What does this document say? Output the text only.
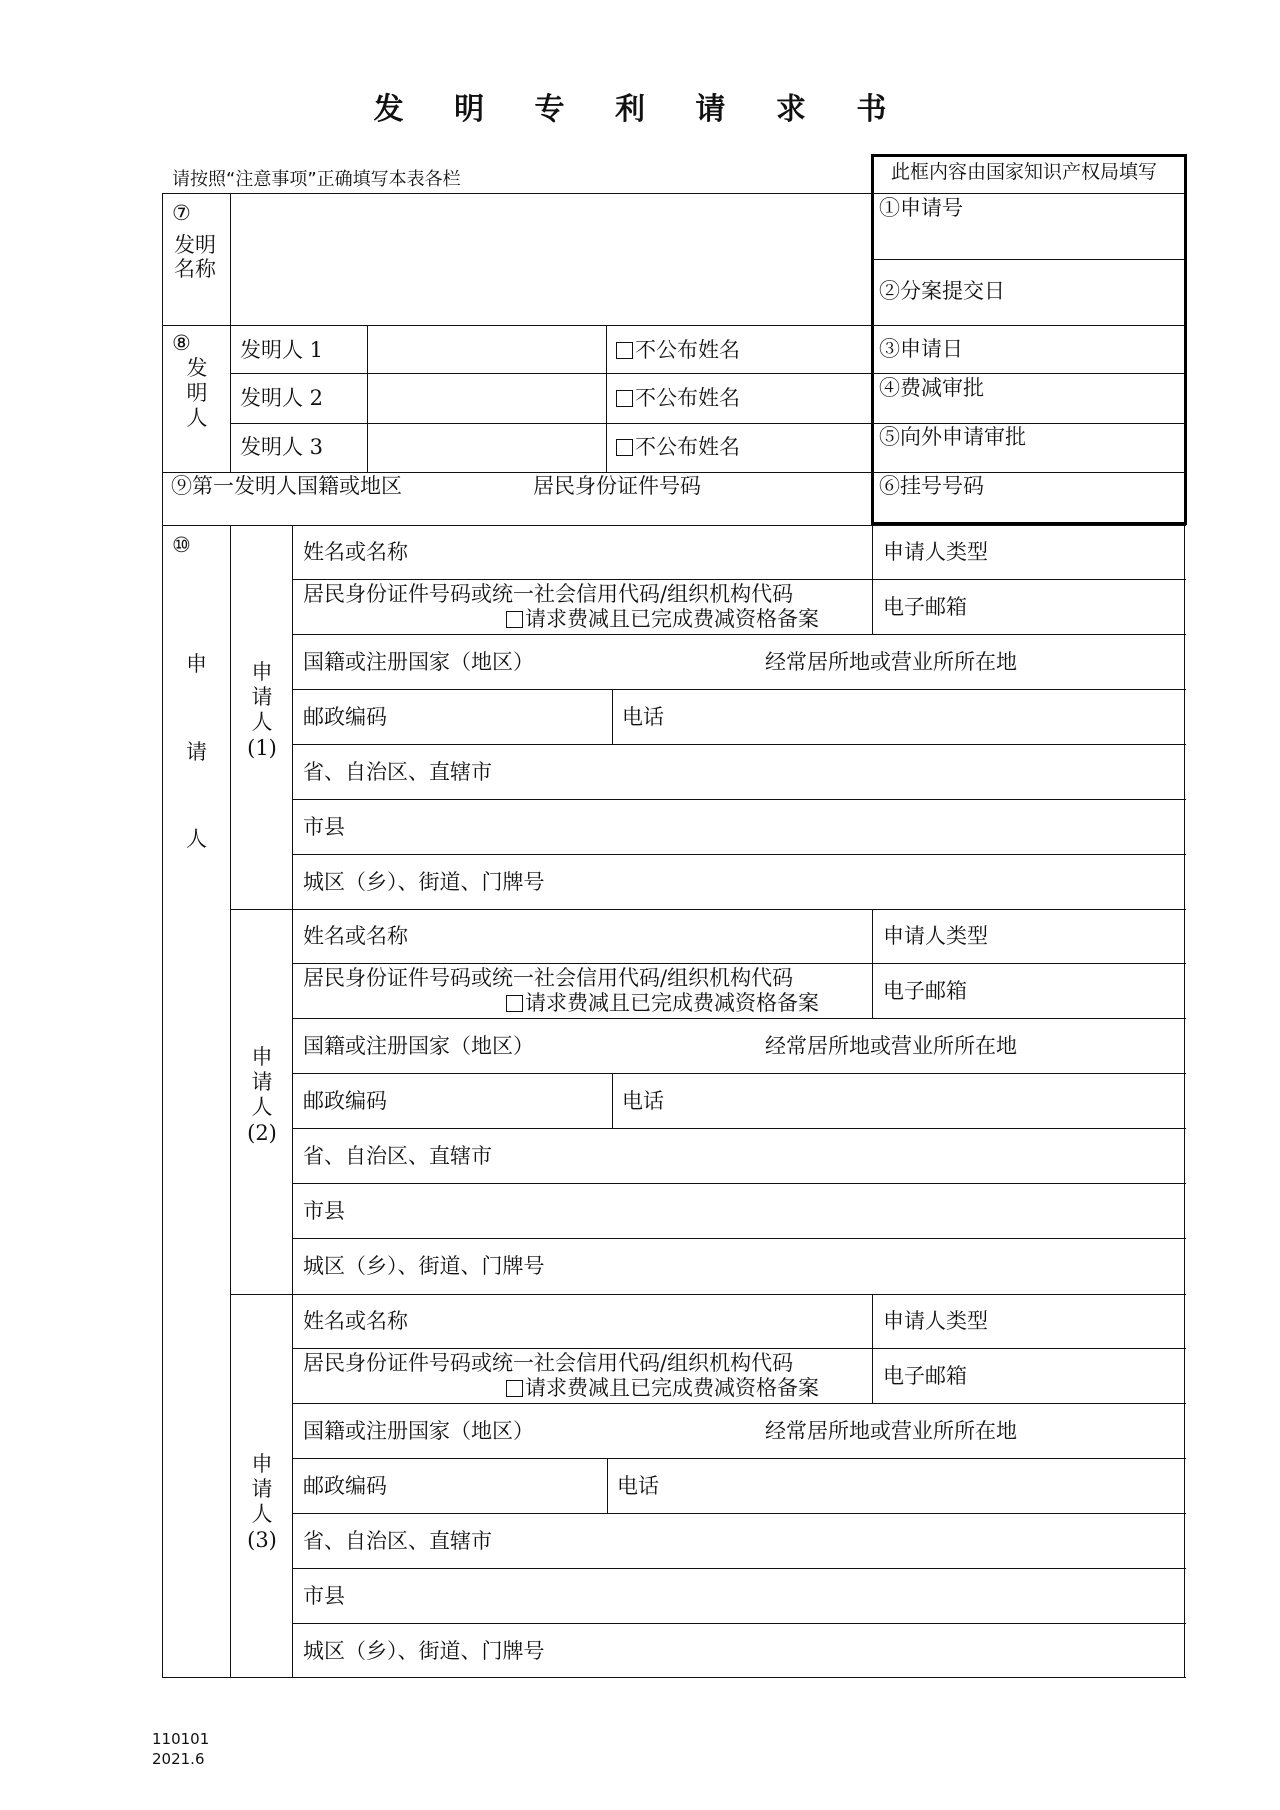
发 明 专 利 请 求 书
请按照“注意事项”正确填写本表各栏	此框内容由国家知识产权局填写
①申请号
②分案提交日
③申请日
④费减审批
⑤向外申请审批
⑥挂号号码
⑦
发明
名称
⑧
发明人
发明人 1	不公布姓名
发明人 2	不公布姓名
发明人 3	不公布姓名
⑨第一发明人国籍或地区	居民身份证件号码
⑩
申
请
人
申请人(1)
姓名或名称	申请人类型
居民身份证件号码或统一社会信用代码/组织机构代码
请求费减且已完成费减资格备案	电子邮箱
国籍或注册国家（地区）	经常居所地或营业所所在地
邮政编码	电话
省、自治区、直辖市
市县
城区（乡）、街道、门牌号
申请人(2)
姓名或名称	申请人类型
居民身份证件号码或统一社会信用代码/组织机构代码
请求费减且已完成费减资格备案	电子邮箱
国籍或注册国家（地区）	经常居所地或营业所所在地
邮政编码	电话
省、自治区、直辖市
市县
城区（乡）、街道、门牌号
申请人(3)
姓名或名称	申请人类型
居民身份证件号码或统一社会信用代码/组织机构代码
请求费减且已完成费减资格备案	电子邮箱
国籍或注册国家（地区）	经常居所地或营业所所在地
邮政编码	电话
省、自治区、直辖市
市县
城区（乡）、街道、门牌号
110101
2021.6
